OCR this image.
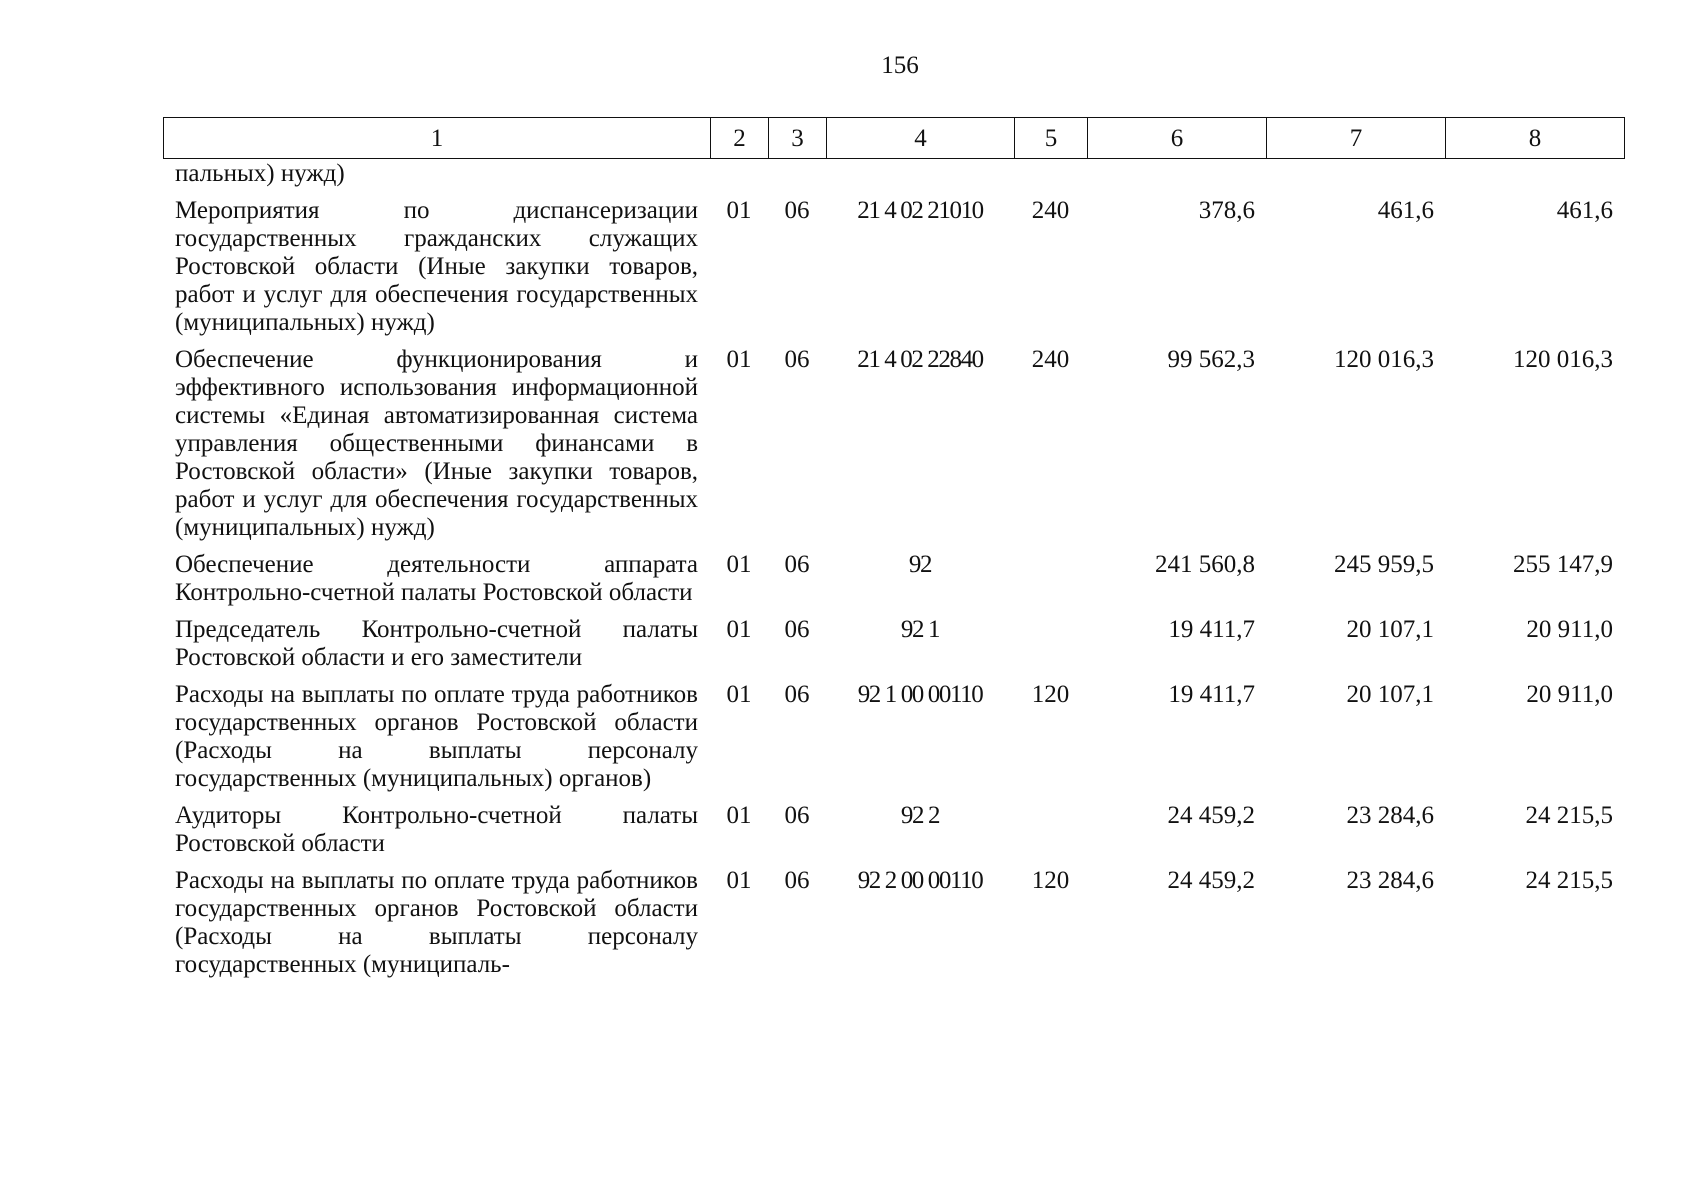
156
1	2	3	4	5	6	7	8
пальных) нужд)							
Мероприятия по диспансеризации государственных гражданских служащих Ростовской области (Иные закупки товаров, работ и услуг для обеспечения государственных (муниципальных) нужд)	01	06	21 4 02 21010	240	378,6	461,6	461,6
Обеспечение функционирования и эффективного использования информационной системы «Единая автоматизированная система управления общественными финансами в Ростовской области» (Иные закупки товаров, работ и услуг для обеспечения государственных (муниципальных) нужд)	01	06	21 4 02 22840	240	99 562,3	120 016,3	120 016,3
Обеспечение деятельности аппарата Контрольно-счетной палаты Ростовской области	01	06	92		241 560,8	245 959,5	255 147,9
Председатель Контрольно-счетной палаты Ростовской области и его заместители	01	06	92 1		19 411,7	20 107,1	20 911,0
Расходы на выплаты по оплате труда работников государственных органов Ростовской области (Расходы на выплаты персоналу государственных (муниципальных) органов)	01	06	92 1 00 00110	120	19 411,7	20 107,1	20 911,0
Аудиторы Контрольно-счетной палаты Ростовской области	01	06	92 2		24 459,2	23 284,6	24 215,5
Расходы на выплаты по оплате труда работников государственных органов Ростовской области (Расходы на выплаты персоналу государственных (муниципаль-	01	06	92 2 00 00110	120	24 459,2	23 284,6	24 215,5
